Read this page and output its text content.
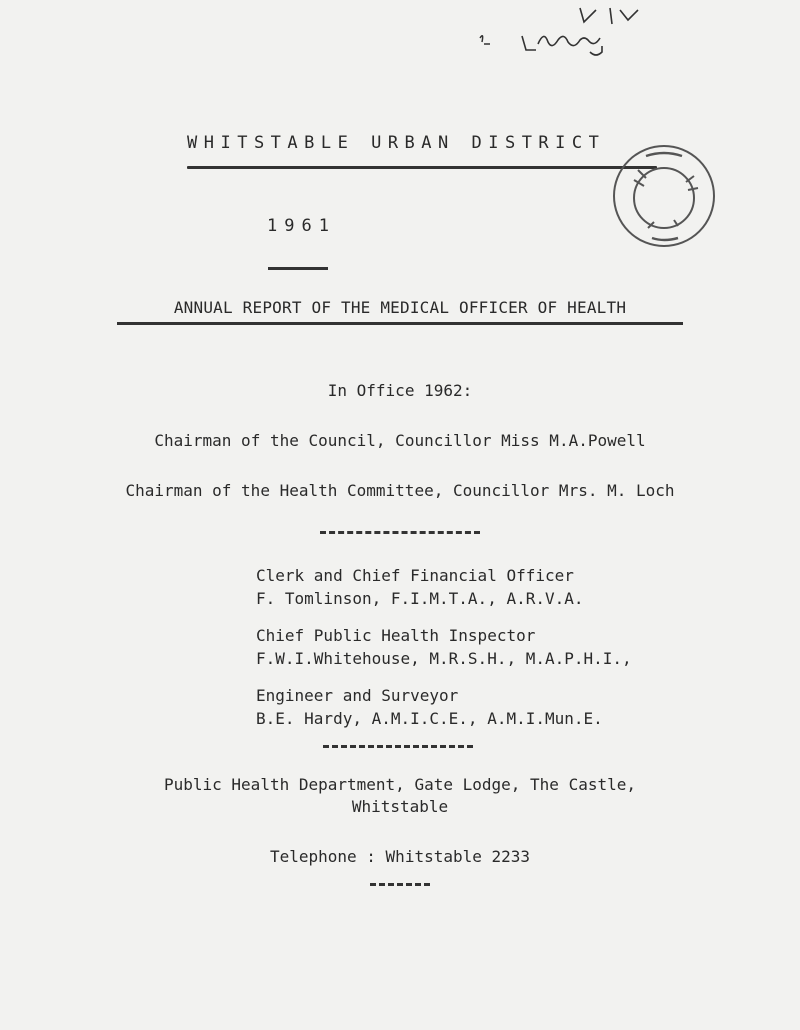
WHITSTABLE URBAN DISTRICT
1961
ANNUAL REPORT OF THE MEDICAL OFFICER OF HEALTH
In Office 1962:
Chairman of the Council, Councillor Miss M.A.Powell
Chairman of the Health Committee, Councillor Mrs. M. Loch
Clerk and Chief Financial Officer
F. Tomlinson, F.I.M.T.A., A.R.V.A.
Chief Public Health Inspector
F.W.I.Whitehouse, M.R.S.H., M.A.P.H.I.,
Engineer and Surveyor
B.E. Hardy, A.M.I.C.E., A.M.I.Mun.E.
Public Health Department, Gate Lodge, The Castle,
Whitstable
Telephone : Whitstable 2233
